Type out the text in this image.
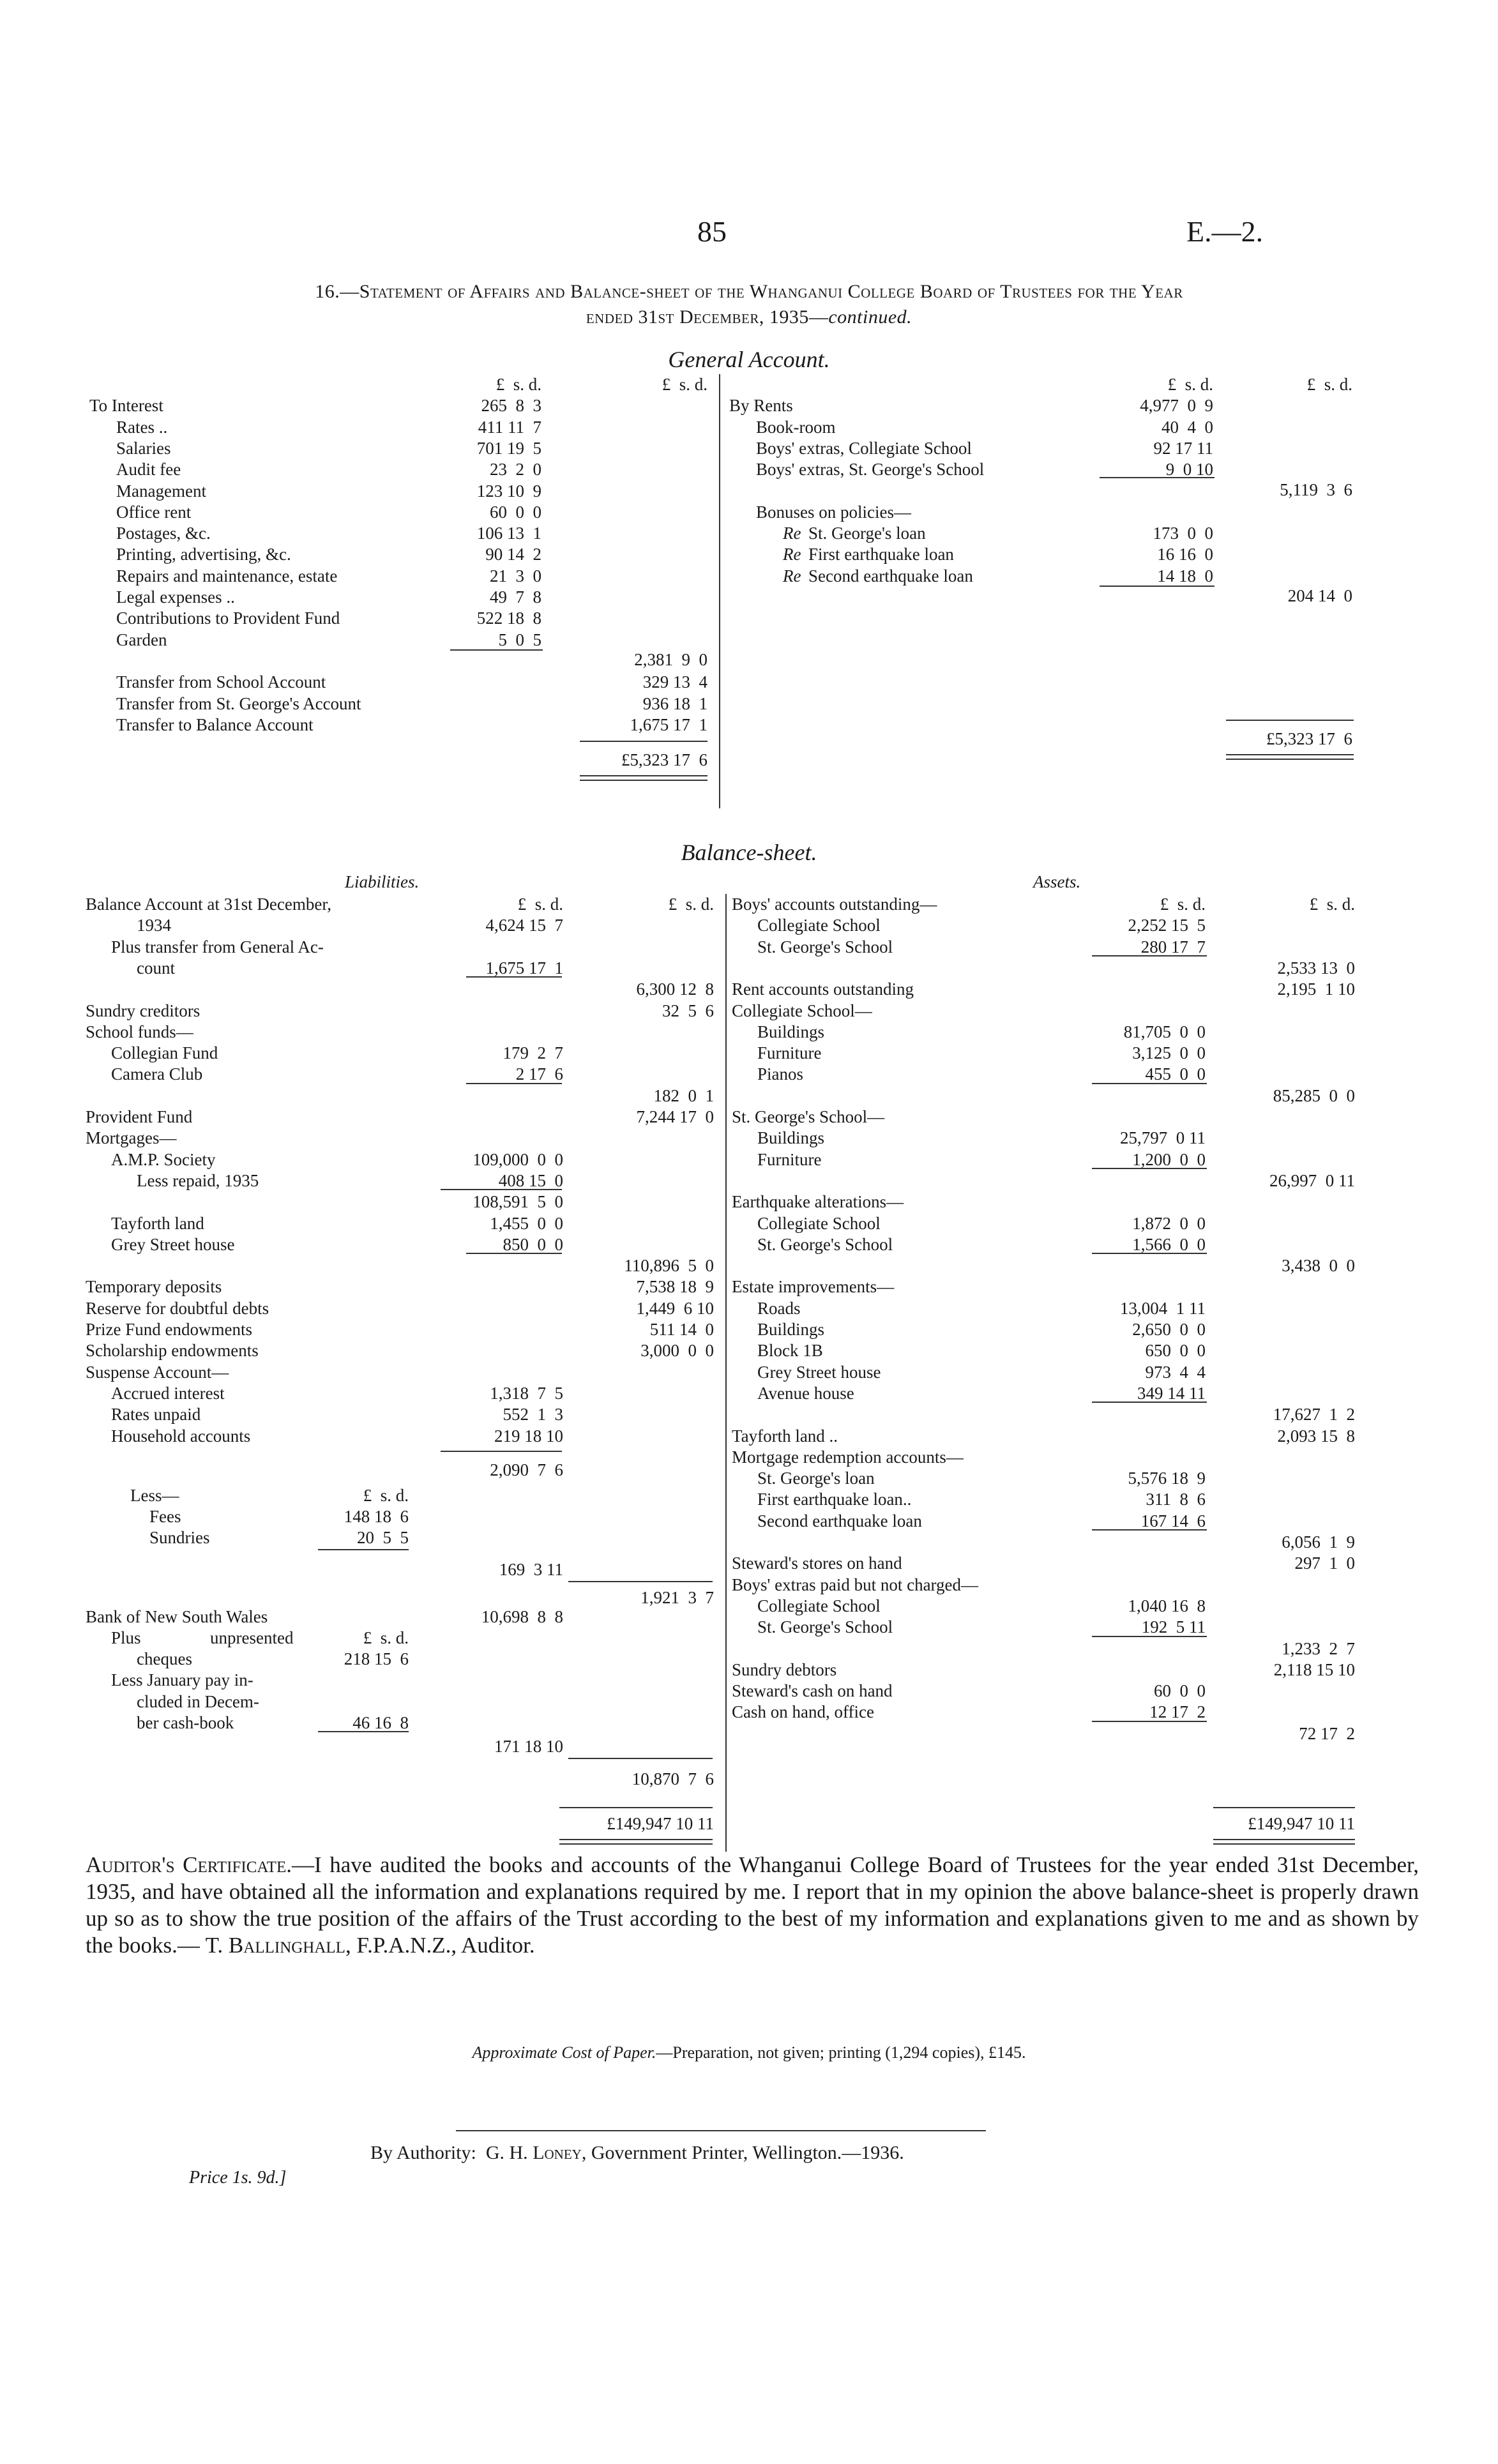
85	E.—2.
16.—Statement of Affairs and Balance-sheet of the Whanganui College Board of Trustees for the Year
ended 31st December, 1935—continued.
General Account.
£  s. d.	£  s. d.	£  s. d.	£  s. d.
To Interest	265  8  3
Rates ..	411 11  7
Salaries	701 19  5
Audit fee	23  2  0
Management	123 10  9
Office rent	60  0  0
Postages, &c.	106 13  1
Printing, advertising, &c.	90 14  2
Repairs and maintenance, estate	21  3  0
Legal expenses ..	49  7  8
Contributions to Provident Fund	522 18  8
Garden	5  0  5
2,381  9  0
Transfer from School Account	329 13  4
Transfer from St. George's Account	936 18  1
Transfer to Balance Account	1,675 17  1
£5,323 17  6
By Rents	4,977  0  9
Book-room	40  4  0
Boys' extras, Collegiate School	92 17 11
Boys' extras, St. George's School	9  0 10
5,119  3  6
Bonuses on policies—
Re St. George's loan	173  0  0
Re First earthquake loan	16 16  0
Re Second earthquake loan	14 18  0
204 14  0
£5,323 17  6
Balance-sheet.
Liabilities.	Assets.
Balance Account at 31st December,	£  s. d.	£  s. d.
1934	4,624 15  7
Plus transfer from General Ac-
count	1,675 17  1
6,300 12  8
Sundry creditors	32  5  6
School funds—
Collegian Fund	179  2  7
Camera Club	2 17  6
182  0  1
Provident Fund	7,244 17  0
Mortgages—
A.M.P. Society	109,000  0  0
Less repaid, 1935	408 15  0
108,591  5  0
Tayforth land	1,455  0  0
Grey Street house	850  0  0
110,896  5  0
Temporary deposits	7,538 18  9
Reserve for doubtful debts	1,449  6 10
Prize Fund endowments	511 14  0
Scholarship endowments	3,000  0  0
Suspense Account—
Accrued interest	1,318  7  5
Rates unpaid	552  1  3
Household accounts	219 18 10
2,090  7  6
Less—	£  s. d.
Fees	148 18  6
Sundries	20  5  5
169  3 11
1,921  3  7
Bank of New South Wales	10,698  8  8
Plus	unpresented	£  s. d.
cheques	218 15  6
Less January pay in-
cluded in Decem-
ber cash-book	46 16  8
171 18 10
10,870  7  6
£149,947 10 11
Boys' accounts outstanding—	£  s. d.	£  s. d.
Collegiate School	2,252 15  5
St. George's School	280 17  7
2,533 13  0
Rent accounts outstanding	2,195  1 10
Collegiate School—
Buildings	81,705  0  0
Furniture	3,125  0  0
Pianos	455  0  0
85,285  0  0
St. George's School—
Buildings	25,797  0 11
Furniture	1,200  0  0
26,997  0 11
Earthquake alterations—
Collegiate School	1,872  0  0
St. George's School	1,566  0  0
3,438  0  0
Estate improvements—
Roads	13,004  1 11
Buildings	2,650  0  0
Block 1B	650  0  0
Grey Street house	973  4  4
Avenue house	349 14 11
17,627  1  2
Tayforth land ..	2,093 15  8
Mortgage redemption accounts—
St. George's loan	5,576 18  9
First earthquake loan..	311  8  6
Second earthquake loan	167 14  6
6,056  1  9
Steward's stores on hand	297  1  0
Boys' extras paid but not charged—
Collegiate School	1,040 16  8
St. George's School	192  5 11
1,233  2  7
Sundry debtors	2,118 15 10
Steward's cash on hand	60  0  0
Cash on hand, office	12 17  2
72 17  2
£149,947 10 11
Auditor's Certificate.—I have audited the books and accounts of the Whanganui College Board of Trustees for the year ended 31st December, 1935, and have obtained all the information and explanations required by me. I report that in my opinion the above balance-sheet is properly drawn up so as to show the true position of the affairs of the Trust according to the best of my information and explanations given to me and as shown by the books.— T. Ballinghall, F.P.A.N.Z., Auditor.
Approximate Cost of Paper.—Preparation, not given; printing (1,294 copies), £145.
By Authority:  G. H. Loney, Government Printer, Wellington.—1936.
Price 1s. 9d.]
